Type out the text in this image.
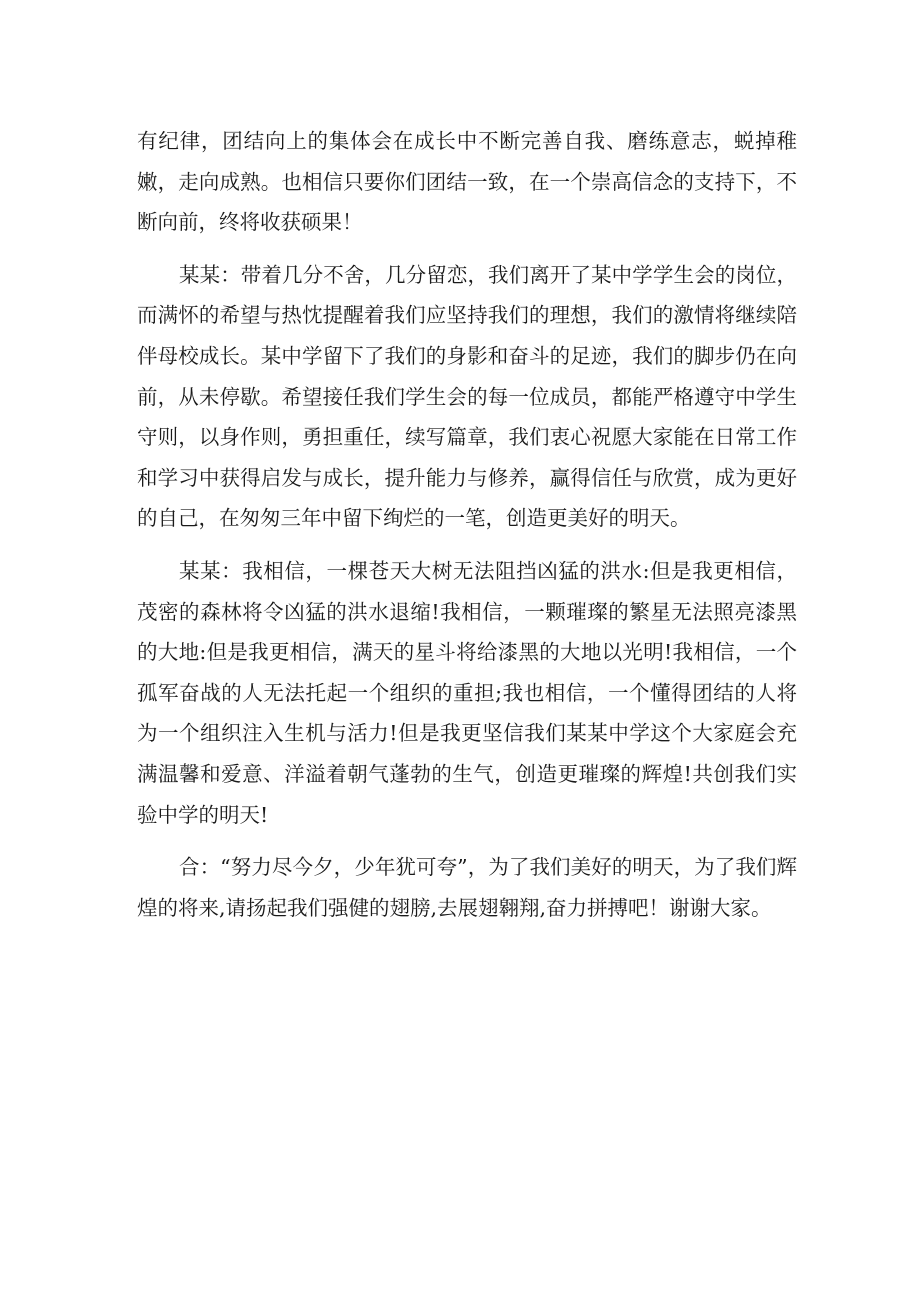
有纪律，团结向上的集体会在成长中不断完善自我、磨练意志，蜕掉稚嫩，走向成熟。也相信只要你们团结一致，在一个崇高信念的支持下，不断向前，终将收获硕果！

某某：带着几分不舍，几分留恋，我们离开了某中学学生会的岗位，而满怀的希望与热忱提醒着我们应坚持我们的理想，我们的激情将继续陪伴母校成长。某中学留下了我们的身影和奋斗的足迹，我们的脚步仍在向前，从未停歇。希望接任我们学生会的每一位成员，都能严格遵守中学生守则，以身作则，勇担重任，续写篇章，我们衷心祝愿大家能在日常工作和学习中获得启发与成长，提升能力与修养，赢得信任与欣赏，成为更好的自己，在匆匆三年中留下绚烂的一笔，创造更美好的明天。

某某：我相信，一棵苍天大树无法阻挡凶猛的洪水:但是我更相信，茂密的森林将令凶猛的洪水退缩!我相信，一颗璀璨的繁星无法照亮漆黑的大地:但是我更相信，满天的星斗将给漆黑的大地以光明!我相信，一个孤军奋战的人无法托起一个组织的重担;我也相信，一个懂得团结的人将为一个组织注入生机与活力!但是我更坚信我们某某中学这个大家庭会充满温馨和爱意、洋溢着朝气蓬勃的生气，创造更璀璨的辉煌!共创我们实验中学的明天!

合：“努力尽今夕，少年犹可夸”，为了我们美好的明天，为了我们辉煌的将来,请扬起我们强健的翅膀,去展翅翱翔,奋力拼搏吧！谢谢大家。
